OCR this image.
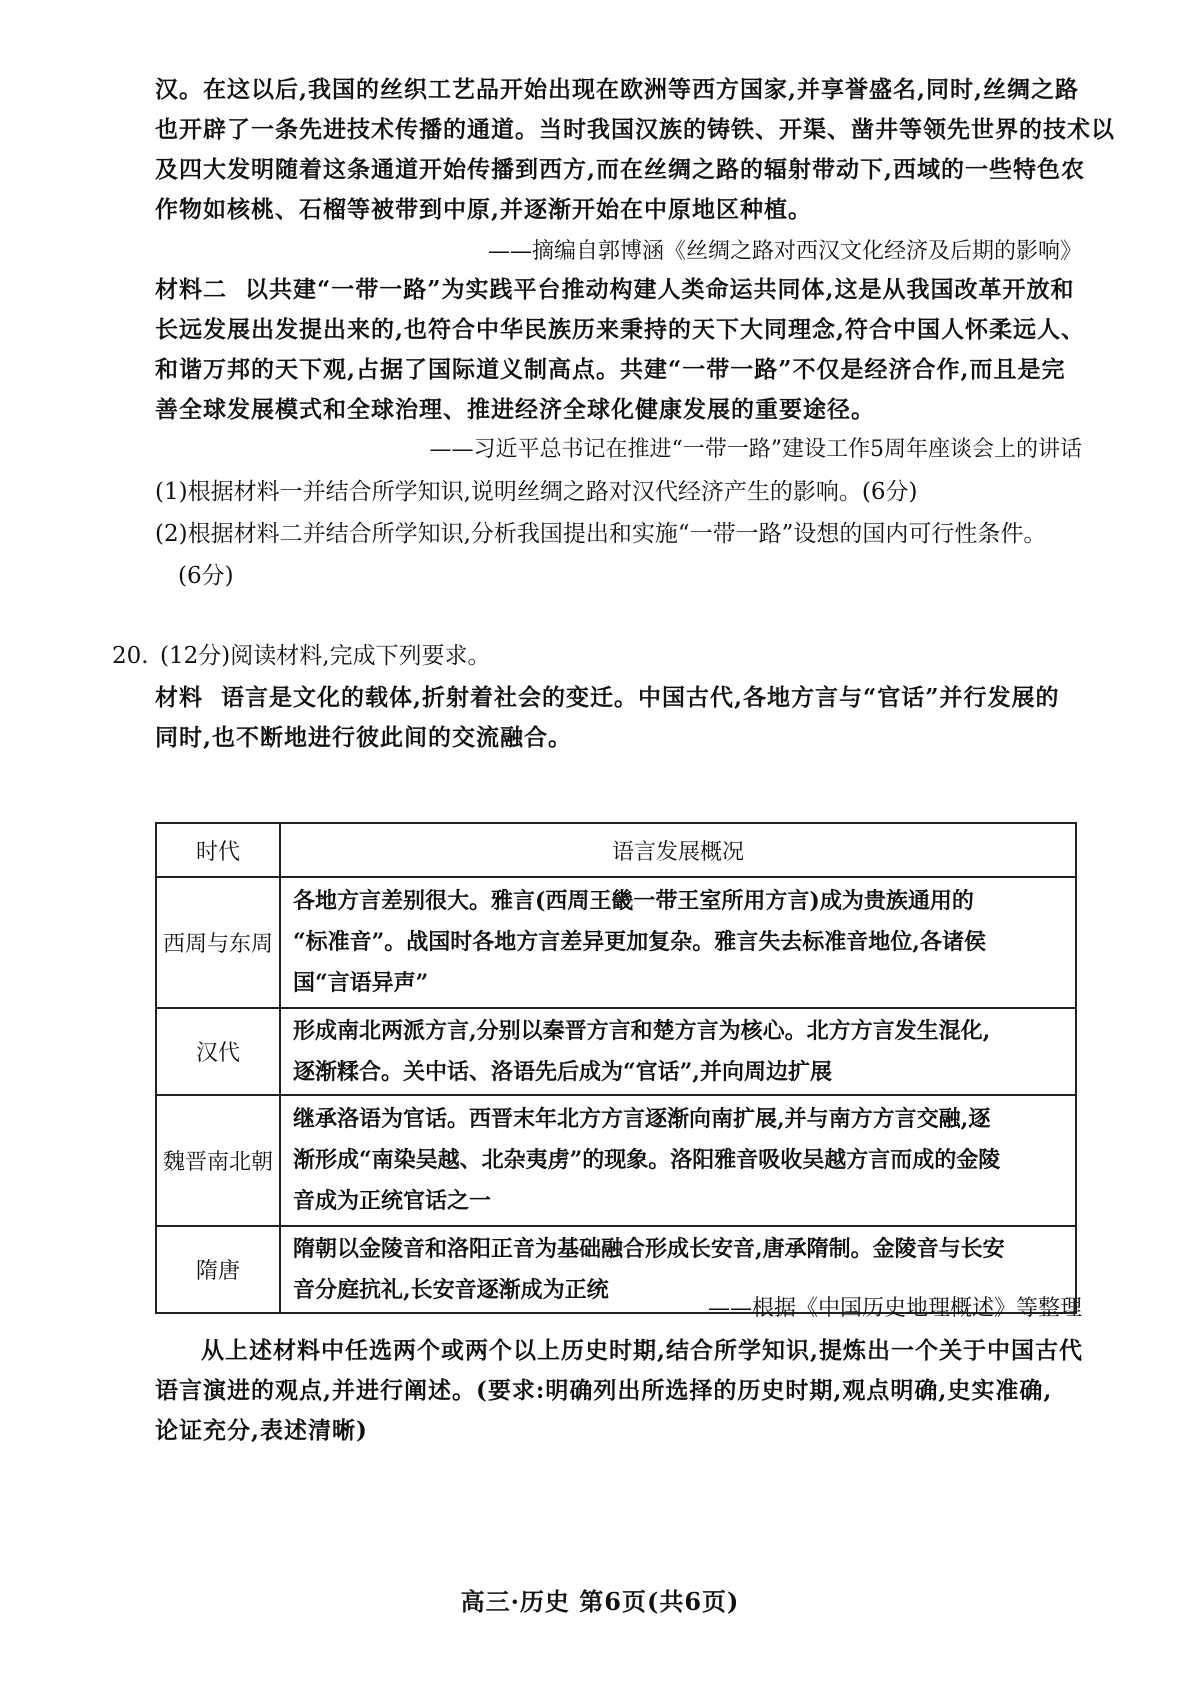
汉。在这以后,我国的丝织工艺品开始出现在欧洲等西方国家,并享誉盛名,同时,丝绸之路
也开辟了一条先进技术传播的通道。当时我国汉族的铸铁、开渠、凿井等领先世界的技术以
及四大发明随着这条通道开始传播到西方,而在丝绸之路的辐射带动下,西域的一些特色农
作物如核桃、石榴等被带到中原,并逐渐开始在中原地区种植。
——摘编自郭博涵《丝绸之路对西汉文化经济及后期的影响》
材料二 以共建“一带一路”为实践平台推动构建人类命运共同体,这是从我国改革开放和
长远发展出发提出来的,也符合中华民族历来秉持的天下大同理念,符合中国人怀柔远人、
和谐万邦的天下观,占据了国际道义制高点。共建“一带一路”不仅是经济合作,而且是完
善全球发展模式和全球治理、推进经济全球化健康发展的重要途径。
——习近平总书记在推进“一带一路”建设工作5周年座谈会上的讲话
(1)根据材料一并结合所学知识,说明丝绸之路对汉代经济产生的影响。(6分)
(2)根据材料二并结合所学知识,分析我国提出和实施“一带一路”设想的国内可行性条件。
(6分)
20. (12分)阅读材料,完成下列要求。
材料 语言是文化的载体,折射着社会的变迁。中国古代,各地方言与“官话”并行发展的
同时,也不断地进行彼此间的交流融合。
时代	语言发展概况
西周与东周	各地方言差别很大。雅言(西周王畿一带王室所用方言)成为贵族通用的
“标准音”。战国时各地方言差异更加复杂。雅言失去标准音地位,各诸侯
国“言语异声”

汉代	形成南北两派方言,分别以秦晋方言和楚方言为核心。北方方言发生混化,
逐渐糅合。关中话、洛语先后成为“官话”,并向周边扩展

魏晋南北朝	继承洛语为官话。西晋末年北方方言逐渐向南扩展,并与南方方言交融,逐
渐形成“南染吴越、北杂夷虏”的现象。洛阳雅音吸收吴越方言而成的金陵
音成为正统官话之一

隋唐	隋朝以金陵音和洛阳正音为基础融合形成长安音,唐承隋制。金陵音与长安
音分庭抗礼,长安音逐渐成为正统
——根据《中国历史地理概述》等整理
从上述材料中任选两个或两个以上历史时期,结合所学知识,提炼出一个关于中国古代
语言演进的观点,并进行阐述。(要求:明确列出所选择的历史时期,观点明确,史实准确,
论证充分,表述清晰)
高三·历史 第6页(共6页)
